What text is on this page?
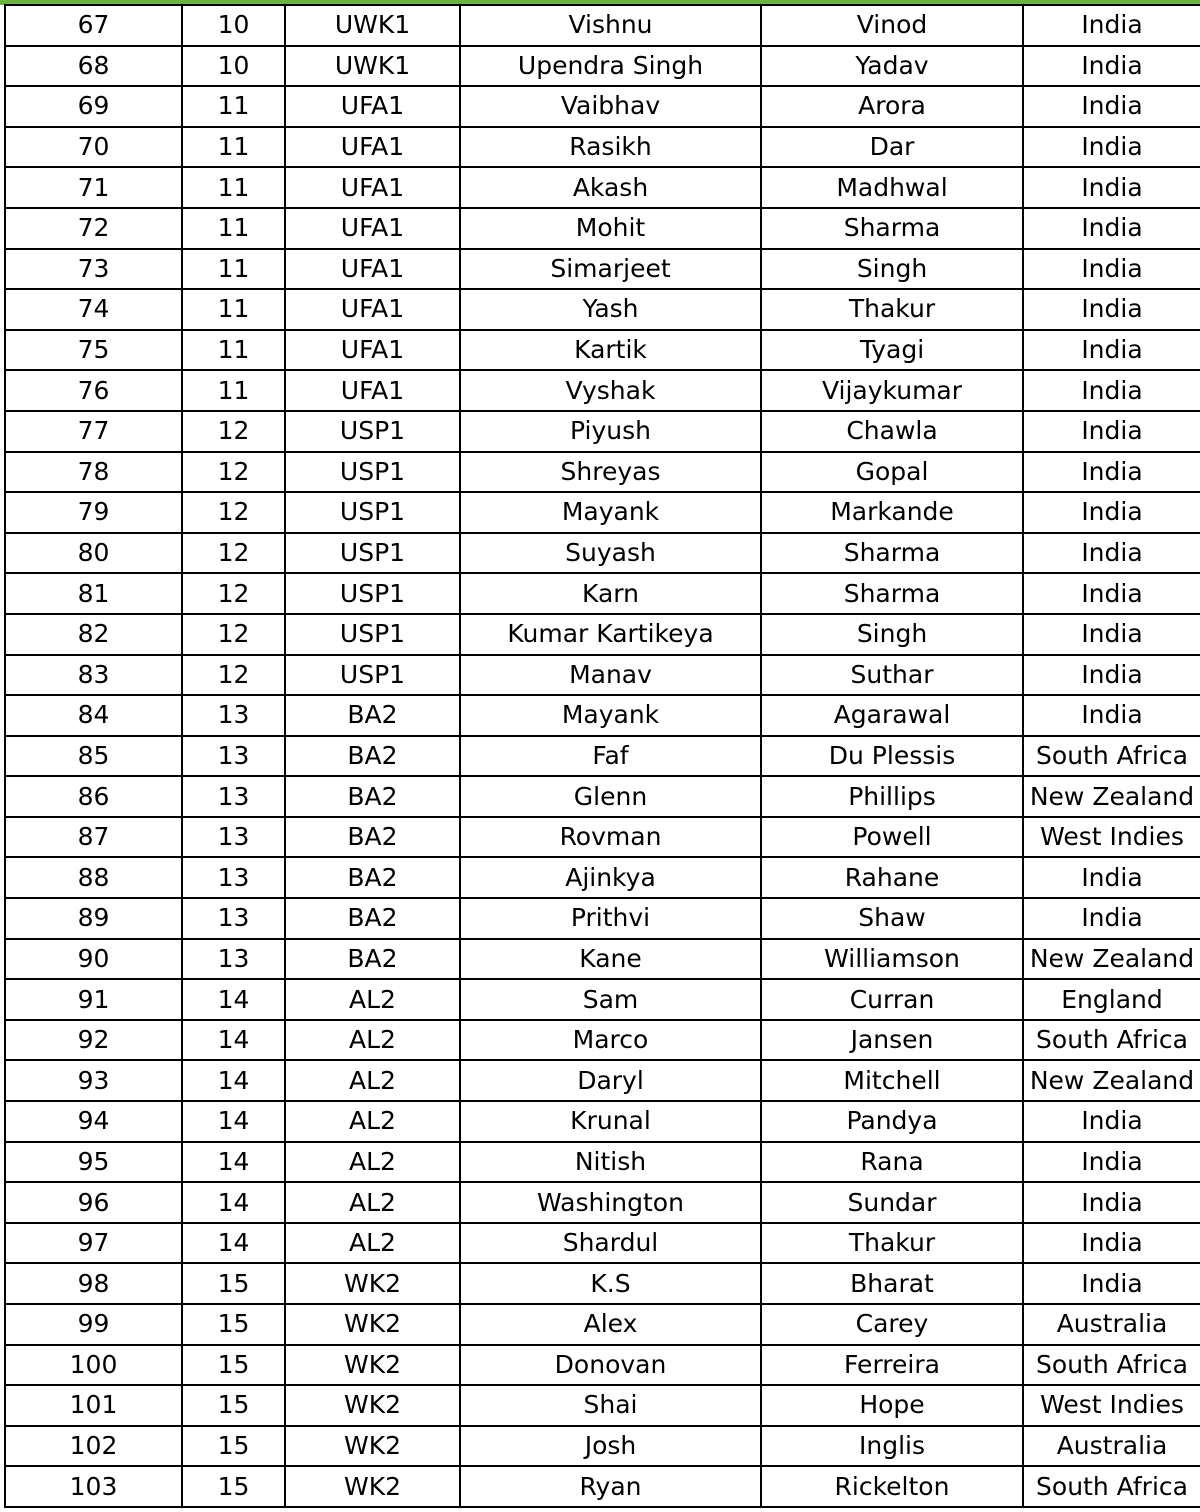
67	10	UWK1	Vishnu	Vinod	India
68	10	UWK1	Upendra Singh	Yadav	India
69	11	UFA1	Vaibhav	Arora	India
70	11	UFA1	Rasikh	Dar	India
71	11	UFA1	Akash	Madhwal	India
72	11	UFA1	Mohit	Sharma	India
73	11	UFA1	Simarjeet	Singh	India
74	11	UFA1	Yash	Thakur	India
75	11	UFA1	Kartik	Tyagi	India
76	11	UFA1	Vyshak	Vijaykumar	India
77	12	USP1	Piyush	Chawla	India
78	12	USP1	Shreyas	Gopal	India
79	12	USP1	Mayank	Markande	India
80	12	USP1	Suyash	Sharma	India
81	12	USP1	Karn	Sharma	India
82	12	USP1	Kumar Kartikeya	Singh	India
83	12	USP1	Manav	Suthar	India
84	13	BA2	Mayank	Agarawal	India
85	13	BA2	Faf	Du Plessis	South Africa
86	13	BA2	Glenn	Phillips	New Zealand
87	13	BA2	Rovman	Powell	West Indies
88	13	BA2	Ajinkya	Rahane	India
89	13	BA2	Prithvi	Shaw	India
90	13	BA2	Kane	Williamson	New Zealand
91	14	AL2	Sam	Curran	England
92	14	AL2	Marco	Jansen	South Africa
93	14	AL2	Daryl	Mitchell	New Zealand
94	14	AL2	Krunal	Pandya	India
95	14	AL2	Nitish	Rana	India
96	14	AL2	Washington	Sundar	India
97	14	AL2	Shardul	Thakur	India
98	15	WK2	K.S	Bharat	India
99	15	WK2	Alex	Carey	Australia
100	15	WK2	Donovan	Ferreira	South Africa
101	15	WK2	Shai	Hope	West Indies
102	15	WK2	Josh	Inglis	Australia
103	15	WK2	Ryan	Rickelton	South Africa
